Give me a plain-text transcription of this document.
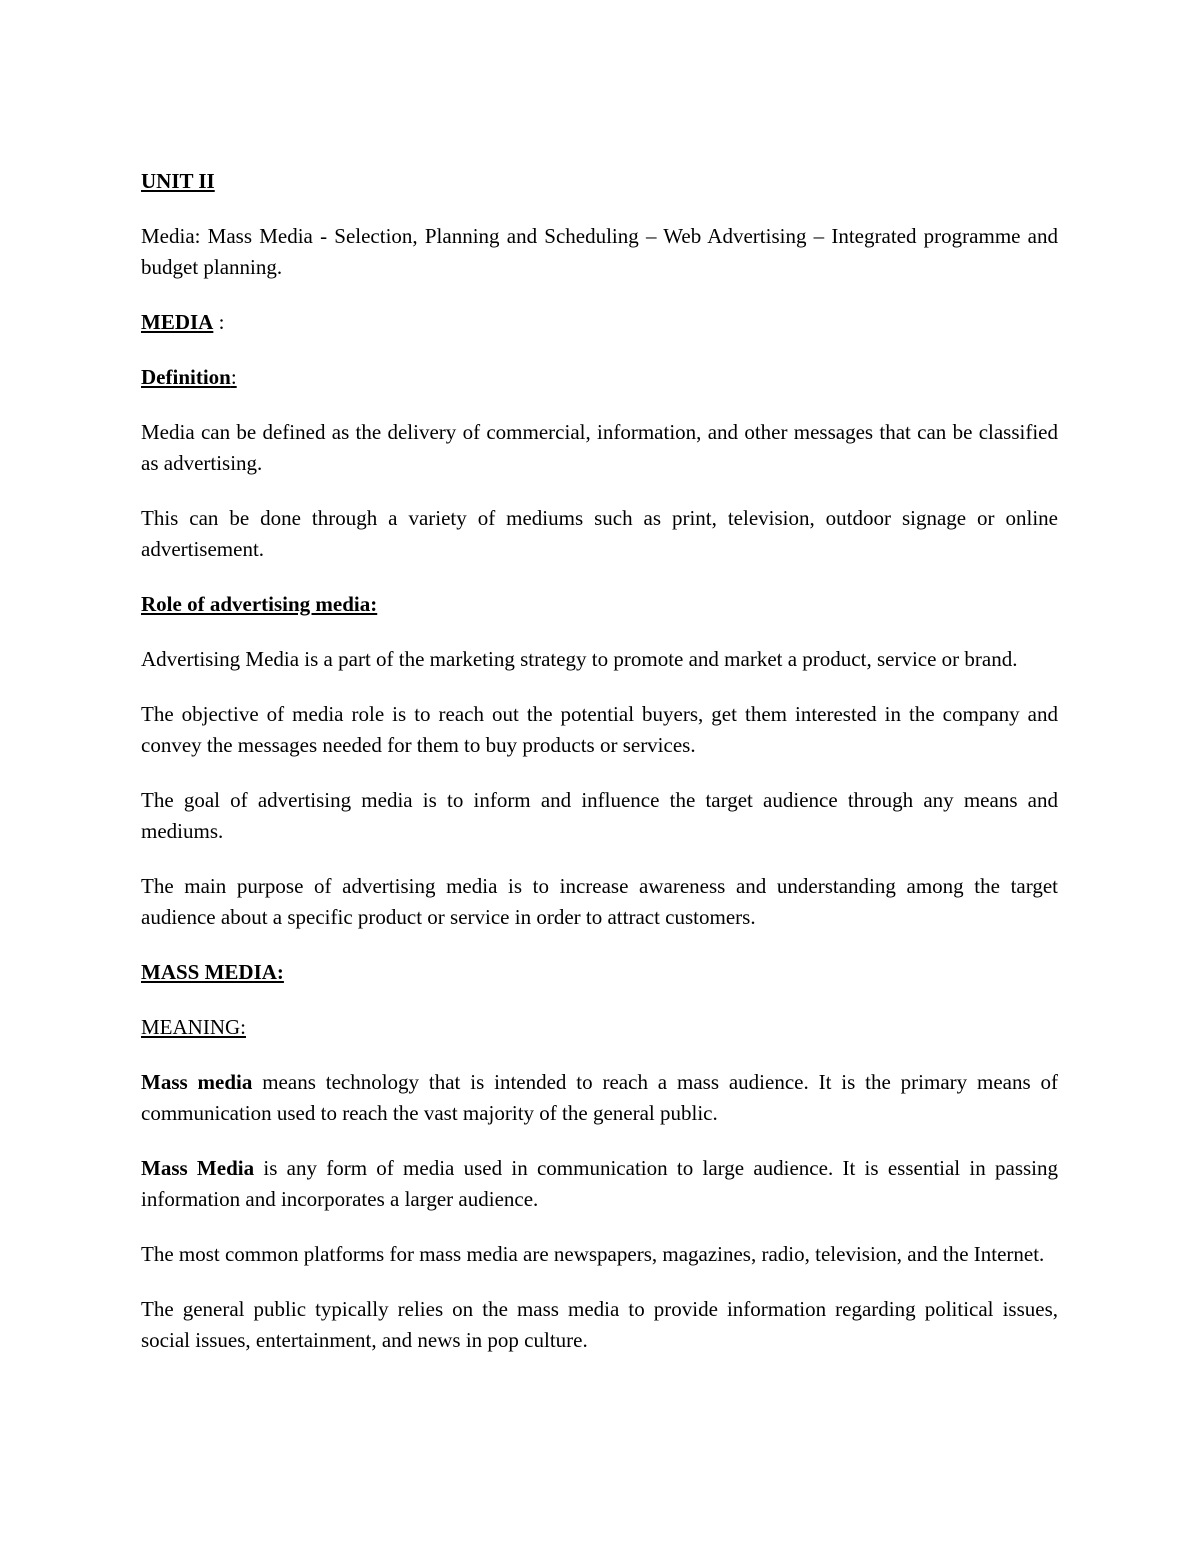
UNIT II

Media: Mass Media - Selection, Planning and Scheduling – Web Advertising – Integrated programme and budget planning.

MEDIA :

Definition:

Media can be defined as the delivery of commercial, information, and other messages that can be classified as advertising.

This can be done through a variety of mediums such as print, television, outdoor signage or online advertisement.

Role of advertising media:

Advertising Media is a part of the marketing strategy to promote and market a product, service or brand.

The objective of media role is to reach out the potential buyers, get them interested in the company and convey the messages needed for them to buy products or services.

The goal of advertising media is to inform and influence the target audience through any means and mediums.

The main purpose of advertising media is to increase awareness and understanding among the target audience about a specific product or service in order to attract customers.

MASS MEDIA:

MEANING:

Mass media means technology that is intended to reach a mass audience. It is the primary means of communication used to reach the vast majority of the general public.

Mass Media is any form of media used in communication to large audience. It is essential in passing information and incorporates a larger audience.

The most common platforms for mass media are newspapers, magazines, radio, television, and the Internet.

The general public typically relies on the mass media to provide information regarding political issues, social issues, entertainment, and news in pop culture.
